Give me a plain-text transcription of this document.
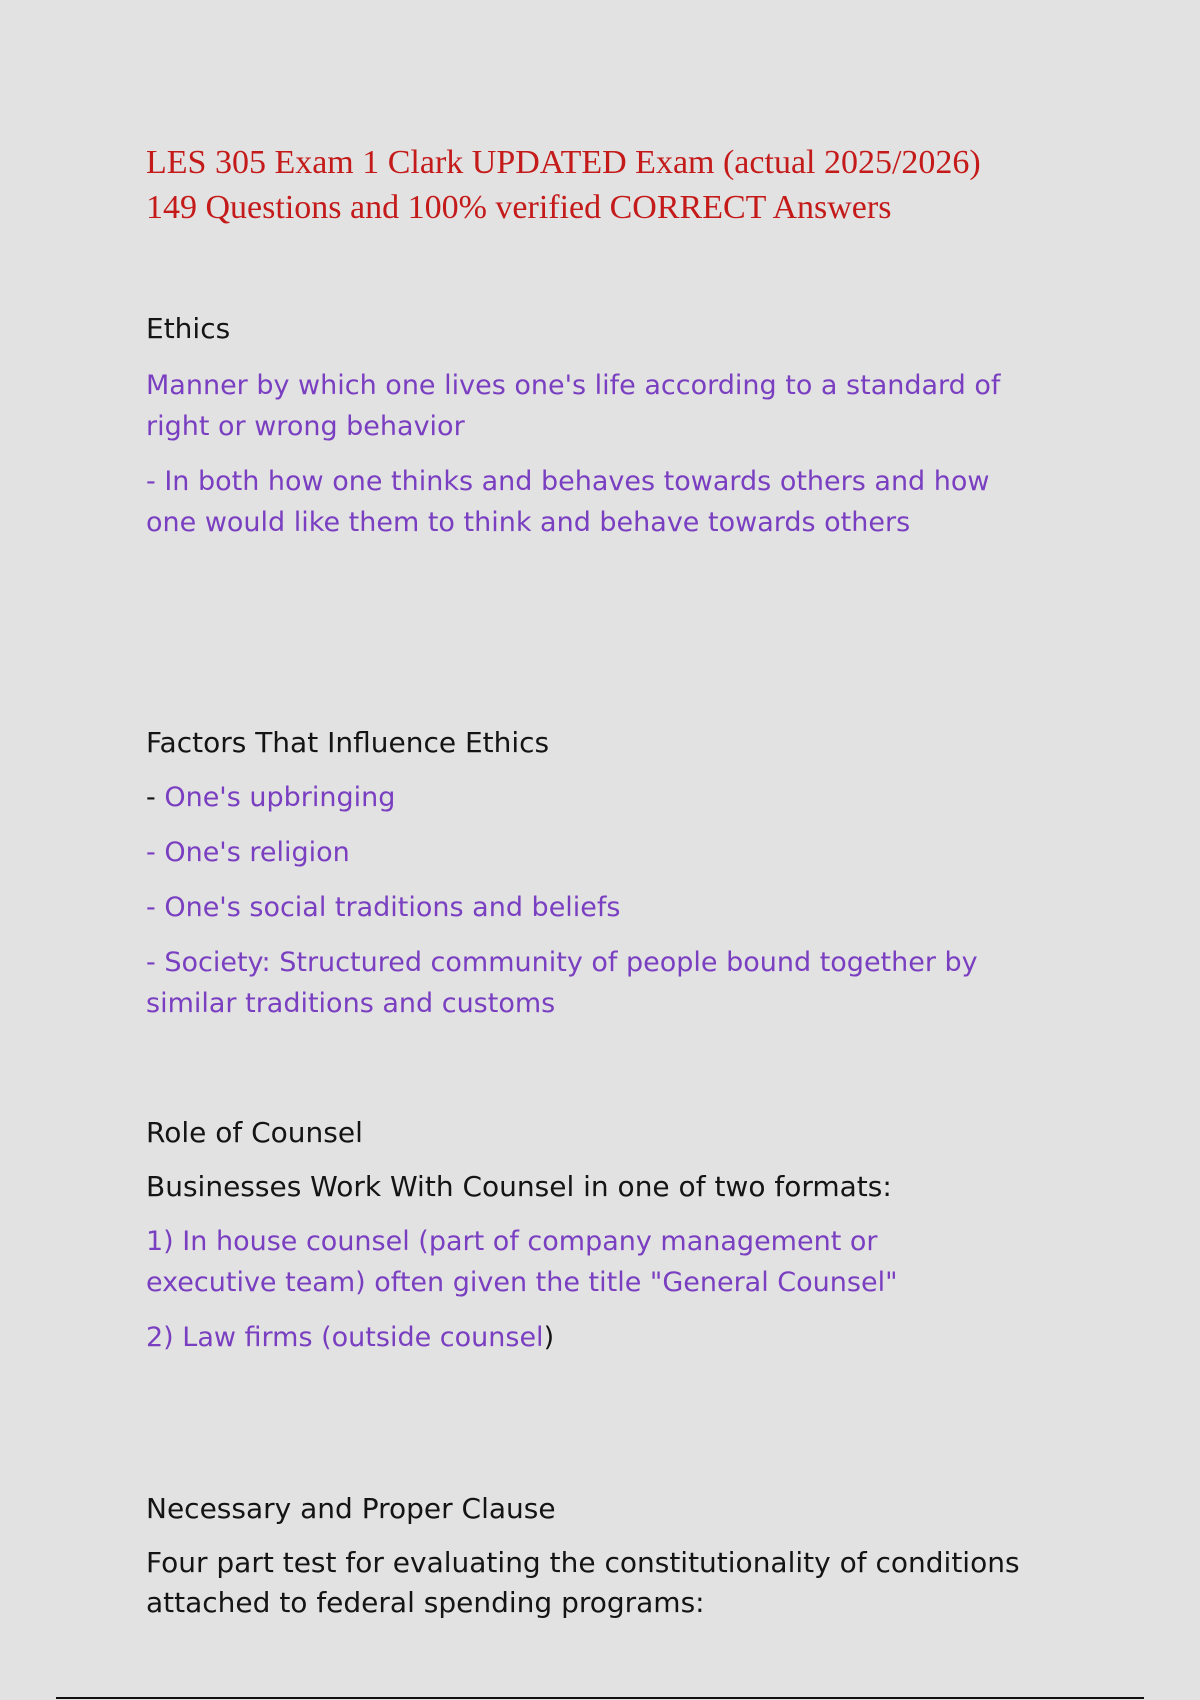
LES 305 Exam 1 Clark UPDATED Exam (actual 2025/2026)
149 Questions and 100% verified CORRECT Answers

Ethics

Manner by which one lives one's life according to a standard of right or wrong behavior

- In both how one thinks and behaves towards others and how one would like them to think and behave towards others

Factors That Influence Ethics

- One's upbringing

- One's religion

- One's social traditions and beliefs

- Society: Structured community of people bound together by similar traditions and customs

Role of Counsel

Businesses Work With Counsel in one of two formats:

1) In house counsel (part of company management or executive team) often given the title "General Counsel"

2) Law firms (outside counsel)

Necessary and Proper Clause

Four part test for evaluating the constitutionality of conditions attached to federal spending programs:
